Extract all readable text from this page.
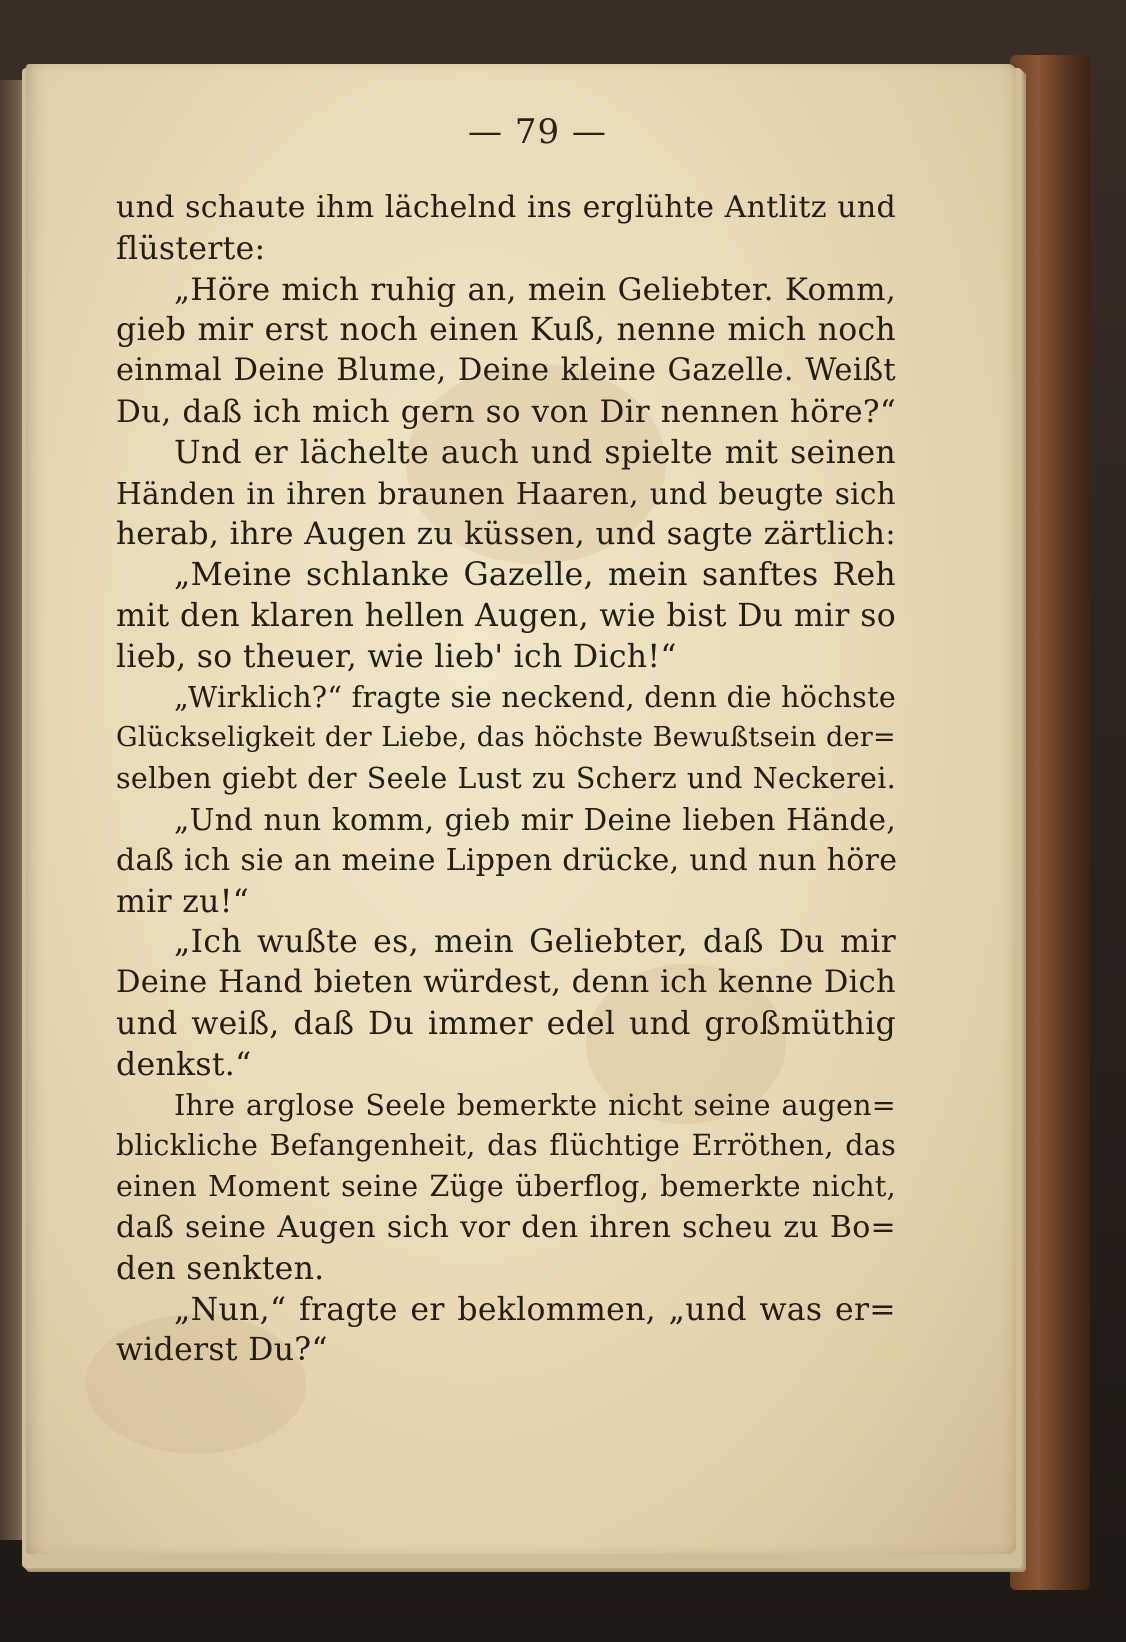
— 79 —
und schaute ihm lächelnd ins erglühte Antlitz und
flüsterte:
„Höre mich ruhig an, mein Geliebter. Komm,
gieb mir erst noch einen Kuß, nenne mich noch
einmal Deine Blume, Deine kleine Gazelle. Weißt
Du, daß ich mich gern so von Dir nennen höre?“
Und er lächelte auch und spielte mit seinen
Händen in ihren braunen Haaren, und beugte sich
herab, ihre Augen zu küssen, und sagte zärtlich:
„Meine schlanke Gazelle, mein sanftes Reh
mit den klaren hellen Augen, wie bist Du mir so
lieb, so theuer, wie lieb' ich Dich!“
„Wirklich?“ fragte sie neckend, denn die höchste
Glückseligkeit der Liebe, das höchste Bewußtsein der=
selben giebt der Seele Lust zu Scherz und Neckerei.
„Und nun komm, gieb mir Deine lieben Hände,
daß ich sie an meine Lippen drücke, und nun höre
mir zu!“
„Ich wußte es, mein Geliebter, daß Du mir
Deine Hand bieten würdest, denn ich kenne Dich
und weiß, daß Du immer edel und großmüthig
denkst.“
Ihre arglose Seele bemerkte nicht seine augen=
blickliche Befangenheit, das flüchtige Erröthen, das
einen Moment seine Züge überflog, bemerkte nicht,
daß seine Augen sich vor den ihren scheu zu Bo=
den senkten.
„Nun,“ fragte er beklommen, „und was er=
widerst Du?“
